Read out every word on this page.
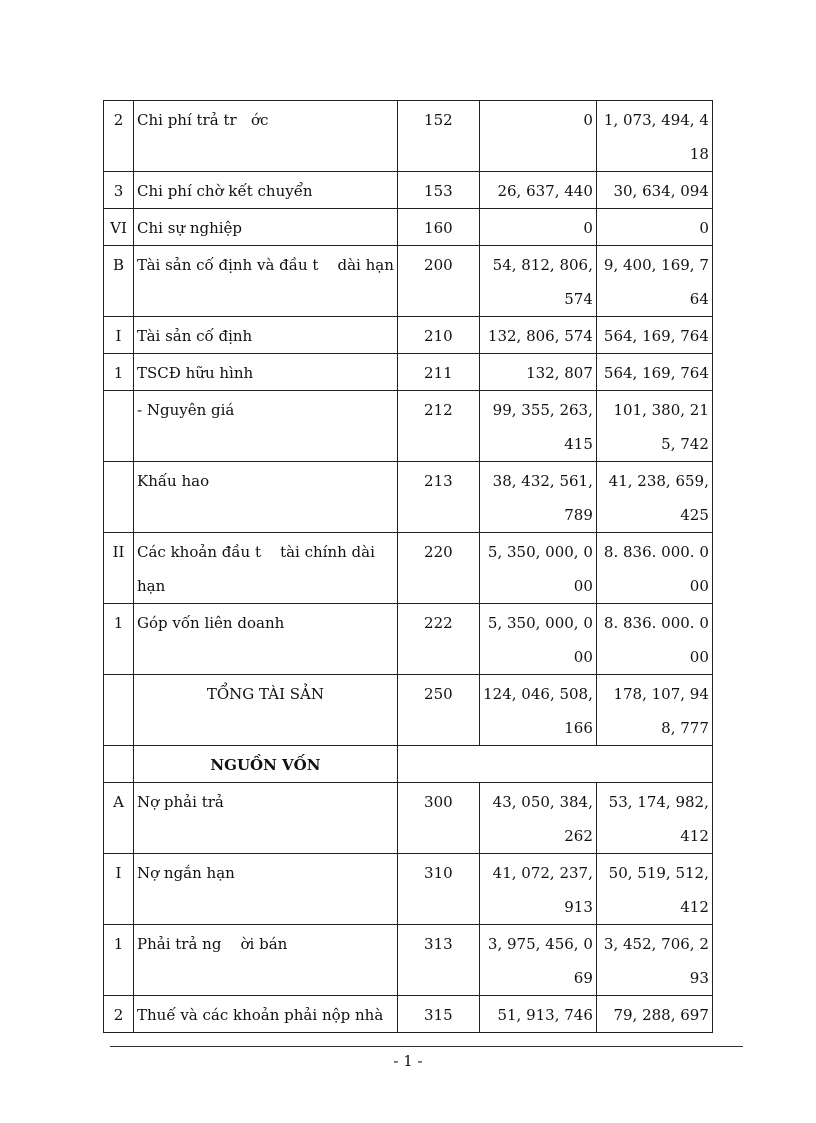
2	Chi phí trả tr   ớc	152	0	1, 073, 494, 418
3	Chi phí chờ kết chuyển	153	26, 637, 440	30, 634, 094
VI	Chi sự nghiệp	160	0	0
B	Tài sản cố định và đầu t    dài hạn	200	54, 812, 806, 574	9, 400, 169, 764
I	Tài sản cố định	210	132, 806, 574	564, 169, 764
1	TSCĐ hữu hình	211	132, 807	564, 169, 764
	- Nguyên giá	212	99, 355, 263, 415	101, 380, 215, 742
	Khấu hao	213	38, 432, 561, 789	41, 238, 659, 425
II	Các khoản đầu t    tài chính dài hạn	220	5, 350, 000, 000	8. 836. 000. 000
1	Góp vốn liên doanh	222	5, 350, 000, 000	8. 836. 000. 000
	TỔNG TÀI SẢN	250	124, 046, 508, 166	178, 107, 948, 777
	NGUỒN VỐN			
A	Nợ phải trả	300	43, 050, 384, 262	53, 174, 982, 412
I	Nợ ngắn hạn	310	41, 072, 237, 913	50, 519, 512, 412
1	Phải trả ng    ời bán	313	3, 975, 456, 069	3, 452, 706, 293
2	Thuế và các khoản phải nộp nhà	315	51, 913, 746	79, 288, 697
- 1 -
